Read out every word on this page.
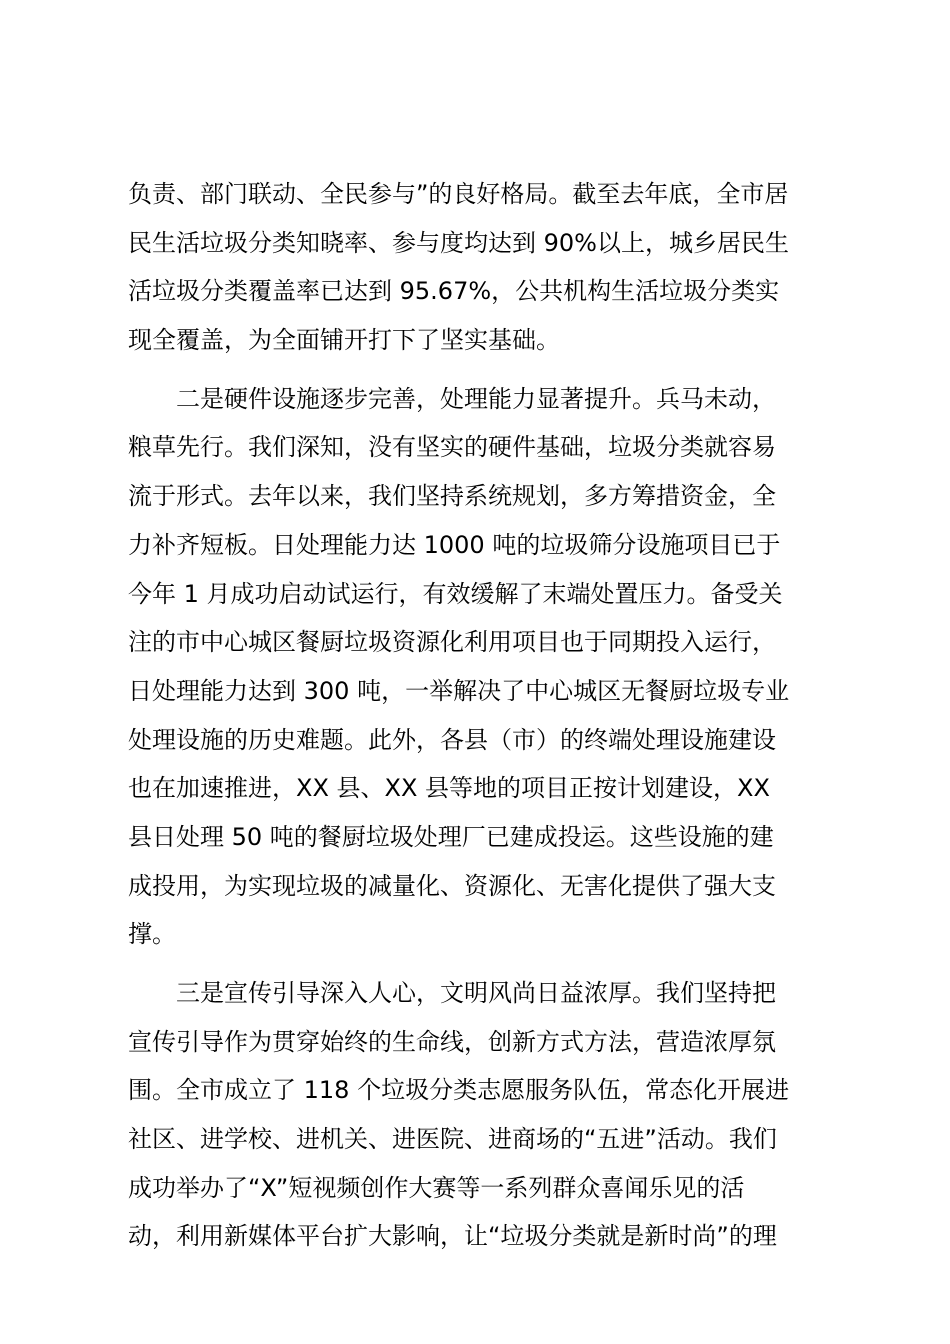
负责、部门联动、全民参与”的良好格局。截至去年底，全市居
民生活垃圾分类知晓率、参与度均达到 90%以上，城乡居民生
活垃圾分类覆盖率已达到 95.67%，公共机构生活垃圾分类实
现全覆盖，为全面铺开打下了坚实基础。
二是硬件设施逐步完善，处理能力显著提升。兵马未动，
粮草先行。我们深知，没有坚实的硬件基础，垃圾分类就容易
流于形式。去年以来，我们坚持系统规划，多方筹措资金，全
力补齐短板。日处理能力达 1000 吨的垃圾筛分设施项目已于
今年 1 月成功启动试运行，有效缓解了末端处置压力。备受关
注的市中心城区餐厨垃圾资源化利用项目也于同期投入运行，
日处理能力达到 300 吨，一举解决了中心城区无餐厨垃圾专业
处理设施的历史难题。此外，各县（市）的终端处理设施建设
也在加速推进，XX 县、XX 县等地的项目正按计划建设，XX
县日处理 50 吨的餐厨垃圾处理厂已建成投运。这些设施的建
成投用，为实现垃圾的减量化、资源化、无害化提供了强大支
撑。
三是宣传引导深入人心，文明风尚日益浓厚。我们坚持把
宣传引导作为贯穿始终的生命线，创新方式方法，营造浓厚氛
围。全市成立了 118 个垃圾分类志愿服务队伍，常态化开展进
社区、进学校、进机关、进医院、进商场的“五进”活动。我们
成功举办了“X”短视频创作大赛等一系列群众喜闻乐见的活
动，利用新媒体平台扩大影响，让“垃圾分类就是新时尚”的理
